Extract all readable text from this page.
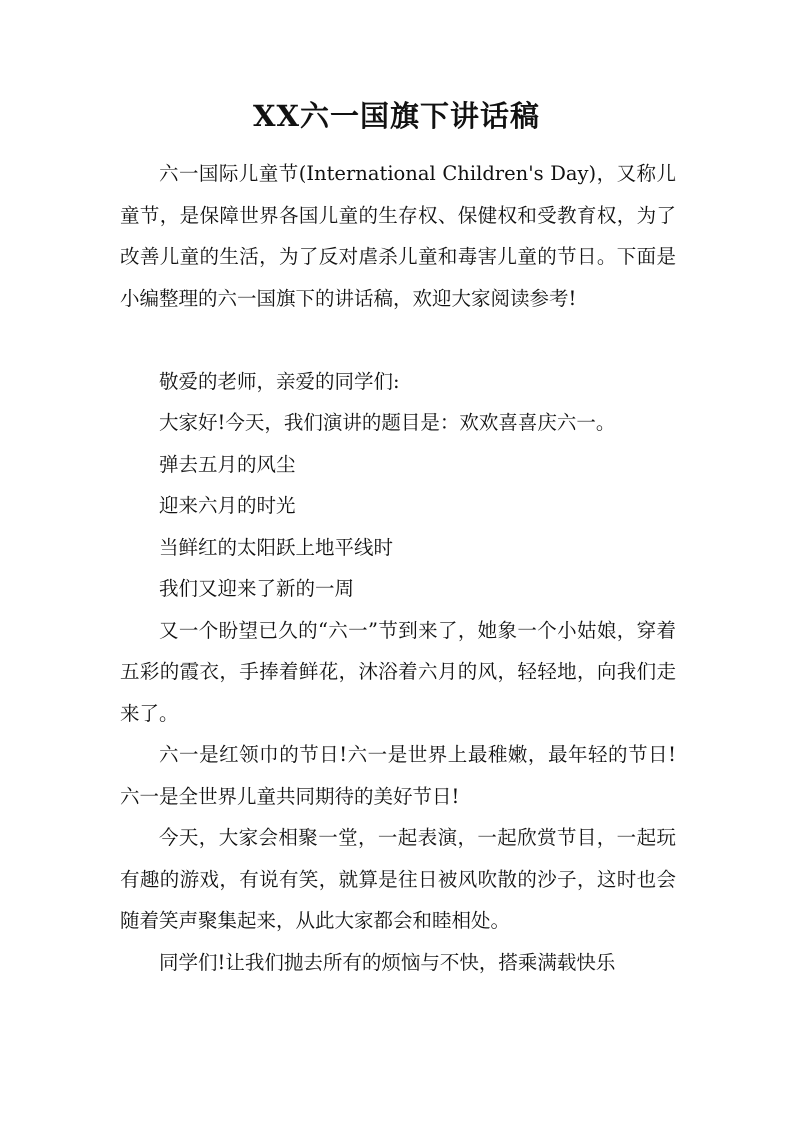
XX六一国旗下讲话稿

六一国际儿童节(International Children's Day)，又称儿童节，是保障世界各国儿童的生存权、保健权和受教育权，为了改善儿童的生活，为了反对虐杀儿童和毒害儿童的节日。下面是小编整理的六一国旗下的讲话稿，欢迎大家阅读参考!

敬爱的老师，亲爱的同学们:

大家好!今天，我们演讲的题目是：欢欢喜喜庆六一。

弹去五月的风尘

迎来六月的时光

当鲜红的太阳跃上地平线时

我们又迎来了新的一周

又一个盼望已久的“六一”节到来了，她象一个小姑娘，穿着五彩的霞衣，手捧着鲜花，沐浴着六月的风，轻轻地，向我们走来了。

六一是红领巾的节日!六一是世界上最稚嫩，最年轻的节日!六一是全世界儿童共同期待的美好节日!

今天，大家会相聚一堂，一起表演，一起欣赏节目，一起玩有趣的游戏，有说有笑，就算是往日被风吹散的沙子，这时也会随着笑声聚集起来，从此大家都会和睦相处。

同学们!让我们抛去所有的烦恼与不快，搭乘满载快乐
